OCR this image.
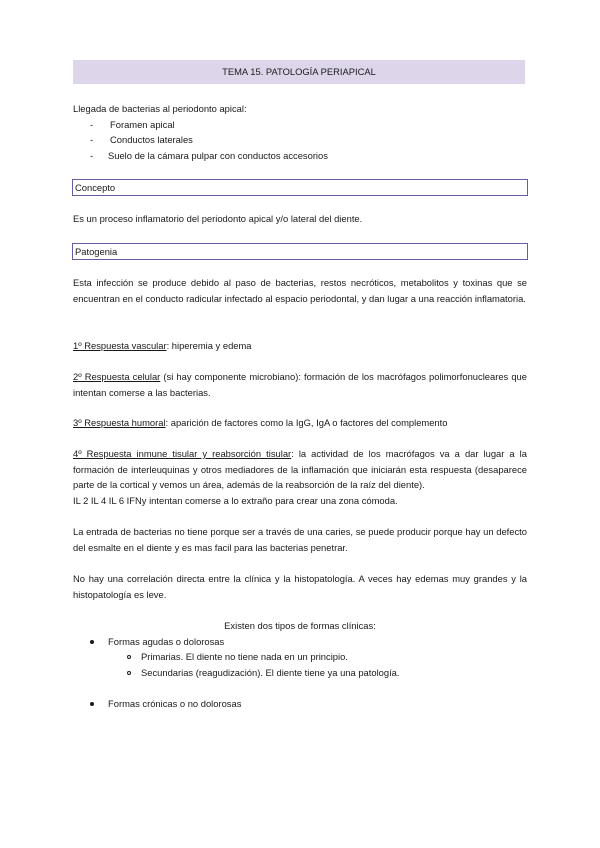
TEMA 15. PATOLOGÍA PERIAPICAL
Llegada de bacterias al periodonto apical:
- Foramen apical
- Conductos laterales
- Suelo de la cámara pulpar con conductos accesorios
Concepto
Es un proceso inflamatorio del periodonto apical y/o lateral del diente.
Patogenia
Esta infección se produce debido al paso de bacterias, restos necróticos, metabolitos y toxinas que se encuentran en el conducto radicular infectado al espacio periodontal, y dan lugar a una reacción inflamatoria.
1º Respuesta vascular: hiperemia y edema
2º Respuesta celular (si hay componente microbiano): formación de los macrófagos polimorfonucleares que intentan comerse a las bacterias.
3º Respuesta humoral: aparición de factores como la IgG, IgA o factores del complemento
4º Respuesta inmune tisular y reabsorción tisular: la actividad de los macrófagos va a dar lugar a la formación de interleuquinas y otros mediadores de la inflamación que iniciarán esta respuesta (desaparece parte de la cortical y vemos un área, además de la reabsorción de la raíz del diente).
IL 2 IL 4 IL 6 IFNy intentan comerse a lo extraño para crear una zona cómoda.
La entrada de bacterias no tiene porque ser a través de una caries, se puede producir porque hay un defecto del esmalte en el diente y es mas facil para las bacterias penetrar.
No hay una correlación directa entre la clínica y la histopatología. A veces hay edemas muy grandes y la histopatología es leve.
Existen dos tipos de formas clínicas:
Formas agudas o dolorosas
Primarias. El diente no tiene nada en un principio.
Secundarias (reagudización). El diente tiene ya una patología.
Formas crónicas o no dolorosas
